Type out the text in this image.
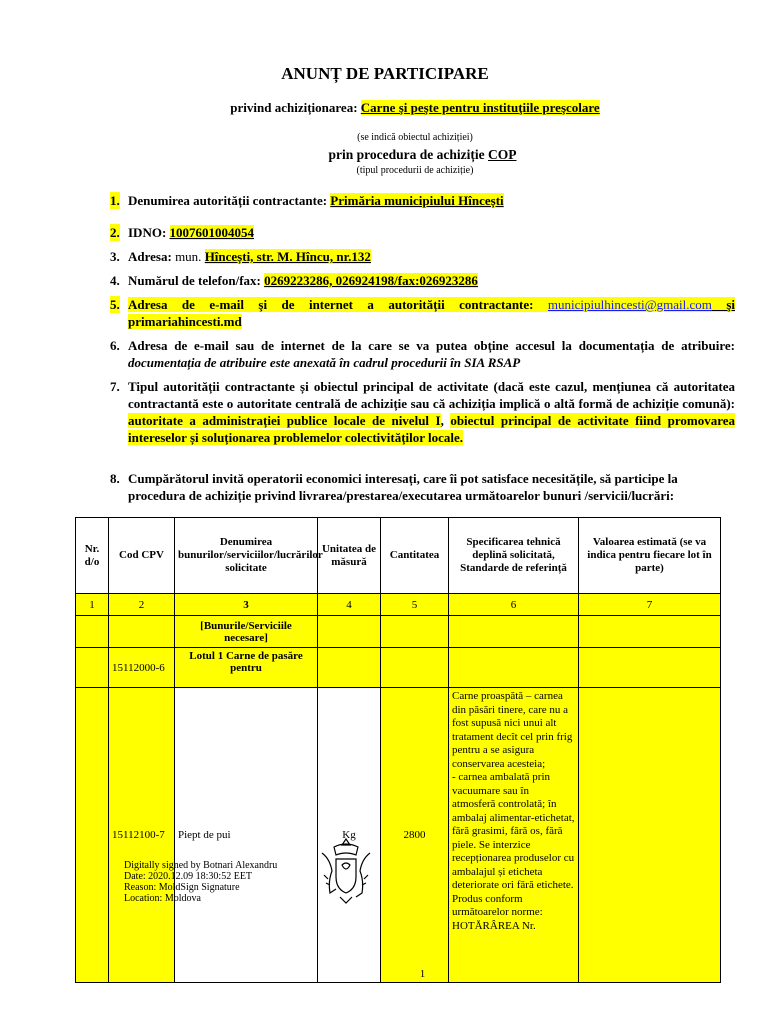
ANUNȚ DE PARTICIPARE
privind achiziționarea: Carne şi peşte pentru instituţiile preşcolare
(se indică obiectul achiziției)
prin procedura de achiziție COP
(tipul procedurii de achiziție)
1. Denumirea autorității contractante: Primăria municipiului Hîncești
2. IDNO: 1007601004054
3. Adresa: mun. Hîncești, str. M. Hîncu, nr.132
4. Numărul de telefon/fax: 0269223286, 026924198/fax:026923286
5. Adresa de e-mail şi de internet a autorității contractante: municipiulhincesti@gmail.com şi primariahincesti.md
6. Adresa de e-mail sau de internet de la care se va putea obține accesul la documentația de atribuire: documentația de atribuire este anexată în cadrul procedurii în SIA RSAP
7. Tipul autorității contractante și obiectul principal de activitate (dacă este cazul, mențiunea că autoritatea contractantă este o autoritate centrală de achiziție sau că achiziția implică o altă formă de achiziție comună): autoritate a administrației publice locale de nivelul I, obiectul principal de activitate fiind promovarea intereselor și soluționarea problemelor colectivităților locale.
8. Cumpărătorul invită operatorii economici interesați, care îi pot satisface necesitățile, să participe la procedura de achiziție privind livrarea/prestarea/executarea următoarelor bunuri /servicii/lucrări:
Nr. d/o	Cod CPV	Denumirea bunurilor/serviciilor/lucrărilor solicitate	Unitatea de măsură	Cantitatea	Specificarea tehnică deplină solicitată, Standarde de referință	Valoarea estimată (se va indica pentru fiecare lot în parte)
1	2	3	4	5	6	7
		[Bunurile/Serviciile necesare]				
	15112000-6	Lotul 1 Carne de pasăre pentru				
	15112100-7	Piept de pui	Kg	2800	Carne proaspătă – carnea din păsări tinere, care nu a fost supusă nici unui alt tratament decît cel prin frig pentru a se asigura conservarea acesteia;
- carnea ambalată prin vacuumare sau în atmosferă controlată; în ambalaj alimentar-etichetat, fără grasimi, fără os, fără piele. Se interzice recepționarea produselor cu ambalajul și eticheta deteriorate ori fără etichete.
Produs conform următoarelor norme: HOTĂRÂREA Nr.	

Digitally signed by Botnari Alexandru
Date: 2020.12.09 18:30:52 EET
Reason: MoldSign Signature
Location: Moldova
1
